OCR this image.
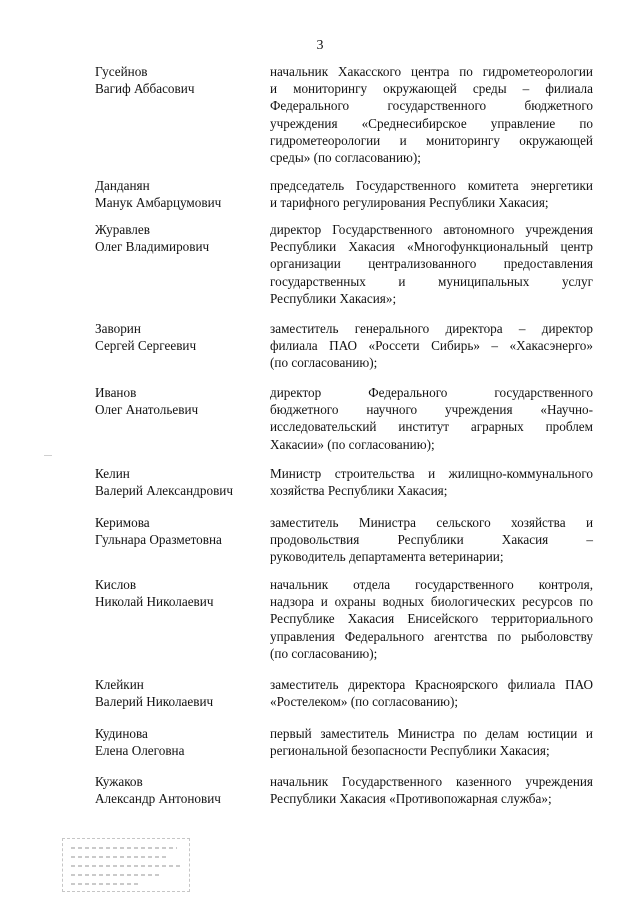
3
Гусейнов
Вагиф Аббасович
начальник Хакасского центра по гидрометеорологии
и мониторингу окружающей среды – филиала
Федерального государственного бюджетного
учреждения «Среднесибирское управление по
гидрометеорологии и мониторингу окружающей
среды» (по согласованию);
Данданян
Манук Амбарцумович
председатель Государственного комитета энергетики
и тарифного регулирования Республики Хакасия;
Журавлев
Олег Владимирович
директор Государственного автономного учреждения
Республики Хакасия «Многофункциональный центр
организации централизованного предоставления
государственных и муниципальных услуг
Республики Хакасия»;
Заворин
Сергей Сергеевич
заместитель генерального директора – директор
филиала ПАО «Россети Сибирь» – «Хакасэнерго»
(по согласованию);
Иванов
Олег Анатольевич
директор Федерального государственного
бюджетного научного учреждения «Научно-
исследовательский институт аграрных проблем
Хакасии» (по согласованию);
Келин
Валерий Александрович
Министр строительства и жилищно-коммунального
хозяйства Республики Хакасия;
Керимова
Гульнара Оразметовна
заместитель Министра сельского хозяйства и
продовольствия Республики Хакасия –
руководитель департамента ветеринарии;
Кислов
Николай Николаевич
начальник отдела государственного контроля,
надзора и охраны водных биологических ресурсов по
Республике Хакасия Енисейского территориального
управления Федерального агентства по рыболовству
(по согласованию);
Клейкин
Валерий Николаевич
заместитель директора Красноярского филиала ПАО
«Ростелеком» (по согласованию);
Кудинова
Елена Олеговна
первый заместитель Министра по делам юстиции и
региональной безопасности Республики Хакасия;
Кужаков
Александр Антонович
начальник Государственного казенного учреждения
Республики Хакасия «Противопожарная служба»;
